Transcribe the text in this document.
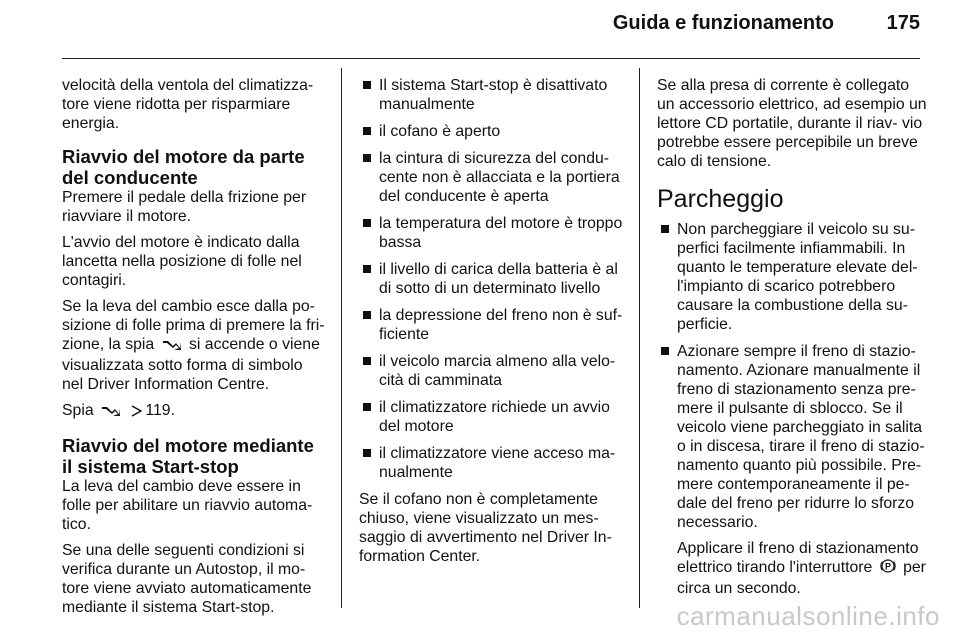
Guida e funzionamento	175

velocità della ventola del climatizza- tore viene ridotta per risparmiare energia.

Riavvio del motore da parte del conducente

Premere il pedale della frizione per riavviare il motore.

L'avvio del motore è indicato dalla lancetta nella posizione di folle nel contagiri.

Se la leva del cambio esce dalla po- sizione di folle prima di premere la fri- zione, la spia si accende o viene visualizzata sotto forma di simbolo nel Driver Information Centre.

Spia	119.

Riavvio del motore mediante il sistema Start-stop

La leva del cambio deve essere in folle per abilitare un riavvio automa- tico.

Se una delle seguenti condizioni si verifica durante un Autostop, il mo- tore viene avviato automaticamente mediante il sistema Start-stop.

Il sistema Start-stop è disattivato manualmente
il cofano è aperto
la cintura di sicurezza del condu- cente non è allacciata e la portiera del conducente è aperta
la temperatura del motore è troppo bassa
il livello di carica della batteria è al di sotto di un determinato livello
la depressione del freno non è suf- ficiente
il veicolo marcia almeno alla velo- cità di camminata
il climatizzatore richiede un avvio del motore
il climatizzatore viene acceso ma- nualmente

Se il cofano non è completamente chiuso, viene visualizzato un mes- saggio di avvertimento nel Driver In- formation Center.

Se alla presa di corrente è collegato un accessorio elettrico, ad esempio un lettore CD portatile, durante il riav- vio potrebbe essere percepibile un breve calo di tensione.

Parcheggio
Non parcheggiare il veicolo su su- perfici facilmente infiammabili. In quanto le temperature elevate del- l'impianto di scarico potrebbero causare la combustione della su- perficie.
Azionare sempre il freno di stazio- namento. Azionare manualmente il freno di stazionamento senza pre- mere il pulsante di sblocco. Se il veicolo viene parcheggiato in salita o in discesa, tirare il freno di stazio- namento quanto più possibile. Pre- mere contemporaneamente il pe- dale del freno per ridurre lo sforzo necessario.
Applicare il freno di stazionamento elettrico tirando l'interruttore P per circa un secondo.
carmanualsonline.info
